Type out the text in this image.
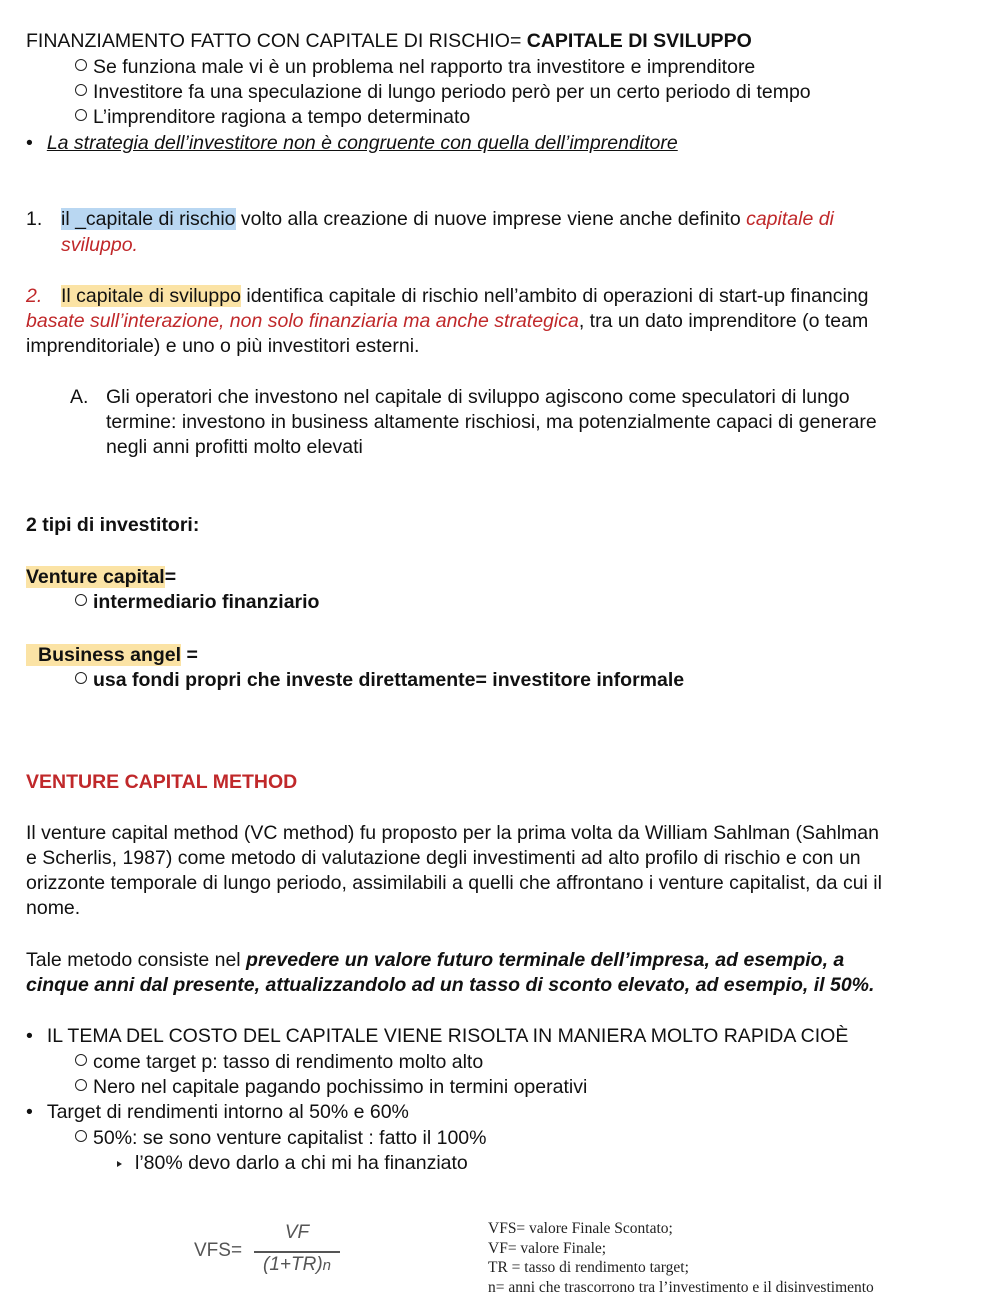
FINANZIAMENTO FATTO CON CAPITALE DI RISCHIO= CAPITALE DI SVILUPPO
Se funziona male vi è un problema nel rapporto tra investitore e imprenditore
Investitore fa una speculazione di lungo periodo però per un certo periodo di tempo
L’imprenditore ragiona a tempo determinato
• La strategia dell’investitore non è congruente con quella dell’imprenditore
1. il _capitale di rischio volto alla creazione di nuove imprese viene anche definito capitale di
sviluppo.
2. Il capitale di sviluppo identifica capitale di rischio nell’ambito di operazioni di start-up financing
basate sull’interazione, non solo finanziaria ma anche strategica, tra un dato imprenditore (o team
imprenditoriale) e uno o più investitori esterni.
A. Gli operatori che investono nel capitale di sviluppo agiscono come speculatori di lungo
termine: investono in business altamente rischiosi, ma potenzialmente capaci di generare
negli anni profitti molto elevati
2 tipi di investitori:
Venture capital=
intermediario finanziario
Business angel =
usa fondi propri che investe direttamente= investitore informale
VENTURE CAPITAL METHOD
Il venture capital method (VC method) fu proposto per la prima volta da William Sahlman (Sahlman
e Scherlis, 1987) come metodo di valutazione degli investimenti ad alto profilo di rischio e con un
orizzonte temporale di lungo periodo, assimilabili a quelli che affrontano i venture capitalist, da cui il
nome.
Tale metodo consiste nel prevedere un valore futuro terminale dell’impresa, ad esempio, a
cinque anni dal presente, attualizzandolo ad un tasso di sconto elevato, ad esempio, il 50%.
• IL TEMA DEL COSTO DEL CAPITALE VIENE RISOLTA IN MANIERA MOLTO RAPIDA CIOÈ
come target p: tasso di rendimento molto alto
Nero nel capitale pagando pochissimo in termini operativi
• Target di rendimenti intorno al 50% e 60%
50%: se sono venture capitalist : fatto il 100%
l’80% devo darlo a chi mi ha finanziato
VFS=
VF
(1+TR)n
VFS= valore Finale Scontato;
VF= valore Finale;
TR = tasso di rendimento target;
n= anni che trascorrono tra l’investimento e il disinvestimento
